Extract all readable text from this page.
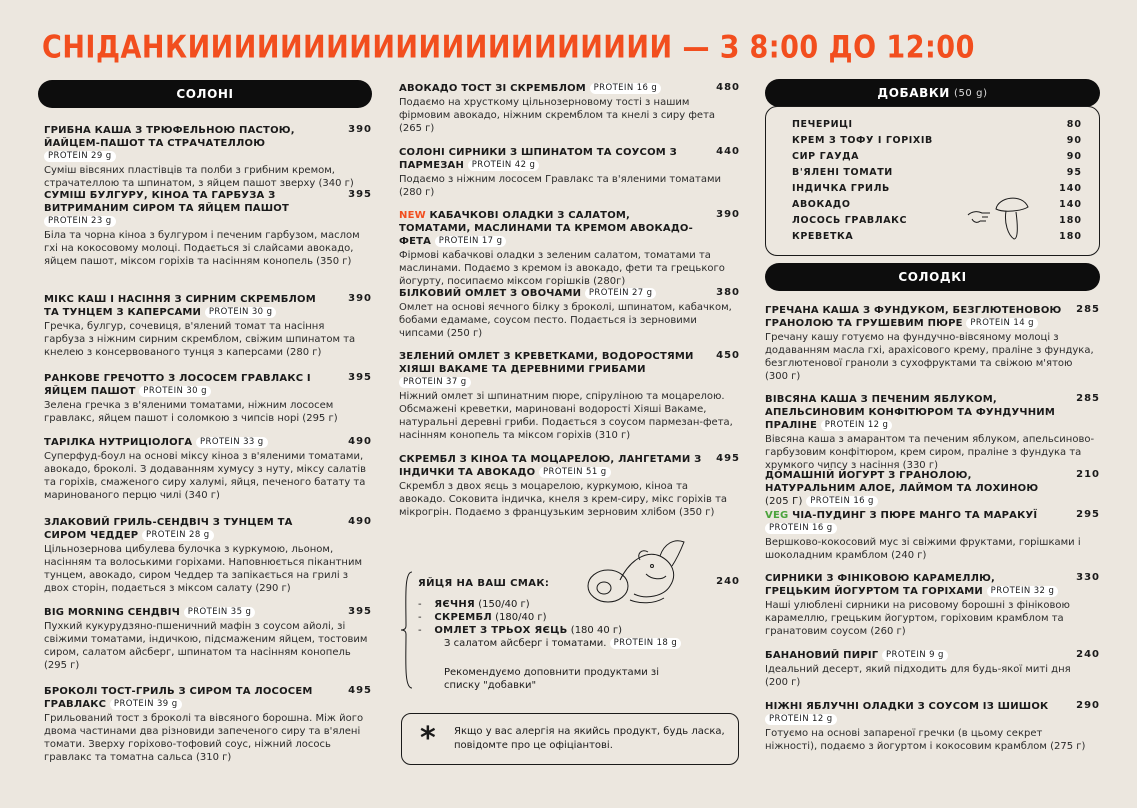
СНІДАНКИИИИИИИИИИИИИИИИИИИИИ — З 8:00 ДО 12:00
СОЛОНІ
ГРИБНА КАША З ТРЮФЕЛЬНОЮ ПАСТОЮ, ЙАЙЦЕМ-ПАШОТ ТА СТРАЧАТЕЛЛОЮ PROTEIN 29 g
390
Суміш вівсяних пластівців та полби з грибним кремом, страчателлою та шпинатом, з яйцем пашот зверху (340 г)
СУМІШ БУЛГУРУ, КІНОА ТА ГАРБУЗА З ВИТРИМАНИМ СИРОМ ТА ЯЙЦЕМ ПАШОТ PROTEIN 23 g
395
Біла та чорна кіноа з булгуром і печеним гарбузом, маслом гхі на кокосовому молоці. Подається зі слайсами авокадо, яйцем пашот, міксом горіхів та насінням конопель (350 г)
МІКС КАШ І НАСІННЯ З СИРНИМ СКРЕМБЛОМ ТА ТУНЦЕМ З КАПЕРСАМИ PROTEIN 30 g
390
Гречка, булгур, сочевиця, в'ялений томат та насіння гарбуза з ніжним сирним скремблом, свіжим шпинатом та кнелею з консервованого тунця з каперсами (280 г)
РАНКОВЕ ГРЕЧОТТО З ЛОСОСЕМ ГРАВЛАКС І ЯЙЦЕМ ПАШОТ PROTEIN 30 g
395
Зелена гречка з в'яленими томатами, ніжним лососем гравлакс, яйцем пашот і соломкою з чипсів норі (295 г)
ТАРІЛКА НУТРИЦІОЛОГА PROTEIN 33 g	490
Суперфуд-боул на основі міксу кіноа з в'яленими томатами, авокадо, броколі. З додаванням хумусу з нуту, міксу салатів та горіхів, смаженого сиру халумі, яйця, печеного батату та маринованого перцю чилі (340 г)
ЗЛАКОВИЙ ГРИЛЬ-СЕНДВІЧ З ТУНЦЕМ ТА СИРОМ ЧЕДДЕР PROTEIN 28 g
490
Цільнозернова цибулева булочка з куркумою, льоном, насінням та волоськими горіхами. Наповнюється пікантним тунцем, авокадо, сиром Чеддер та запікається на грилі з двох сторін, подається з міксом салату (290 г)
BIG MORNING СЕНДВІЧ PROTEIN 35 g	395
Пухкий кукурудзяно-пшеничний мафін з соусом айолі, зі свіжими томатами, індичкою, підсмаженим яйцем, тостовим сиром, салатом айсберг, шпинатом та насінням конопель (295 г)
БРОКОЛІ ТОСТ-ГРИЛЬ З СИРОМ ТА ЛОСОСЕМ ГРАВЛАКС PROTEIN 39 g
495
Грильований тост з броколі та вівсяного борошна. Між його двома частинами два різновиди запеченого сиру та в'ялені томати. Зверху горіхово-тофовий соус, ніжний лосось гравлакс та томатна сальса (310 г)
АВОКАДО ТОСТ ЗІ СКРЕМБЛОМ PROTEIN 16 g	480
Подаємо на хрусткому цільнозерновому тості з нашим фірмовим авокадо, ніжним скремблом та кнелі з сиру фета (265 г)
СОЛОНІ СИРНИКИ З ШПИНАТОМ ТА СОУСОМ З ПАРМЕЗАН PROTEIN 42 g
440
Подаємо з ніжним лососем Гравлакс та в'яленими томатами (280 г)
NEW КАБАЧКОВІ ОЛАДКИ З САЛАТОМ, ТОМАТАМИ, МАСЛИНАМИ ТА КРЕМОМ АВОКАДО-ФЕТА PROTEIN 17 g
390
Фірмові кабачкові оладки з зеленим салатом, томатами та маслинами. Подаємо з кремом із авокадо, фети та грецького йогурту, посипаємо міксом горішків (280г)
БІЛКОВИЙ ОМЛЕТ З ОВОЧАМИ PROTEIN 27 g	380
Омлет на основі яєчного білку з броколі, шпинатом, кабачком, бобами едамаме, соусом песто. Подається із зерновими чипсами (250 г)
ЗЕЛЕНИЙ ОМЛЕТ З КРЕВЕТКАМИ, ВОДОРОСТЯМИ ХІЯШІ ВАКАМЕ ТА ДЕРЕВНИМИ ГРИБАМИ PROTEIN 37 g
450
Ніжний омлет зі шпинатним пюре, спіруліною та моцарелою. Обсмажені креветки, мариновані водорості Хіяші Вакаме, натуральні деревні гриби. Подається з соусом пармезан-фета, насінням конопель та міксом горіхів (310 г)
СКРЕМБЛ З КІНОА ТА МОЦАРЕЛОЮ, ЛАНГЕТАМИ З ІНДИЧКИ ТА АВОКАДО PROTEIN 51 g
495
Скрембл з двох яєць з моцарелою, куркумою, кіноа та авокадо. Соковита індичка, кнеля з крем-сиру, мікс горіхів та мікрогрін. Подаємо з французьким зерновим хлібом (350 г)
ЯЙЦЯ НА ВАШ СМАК:	240
- ЯЄЧНЯ (150/40 г)
- СКРЕМБЛ (180/40 г)
- ОМЛЕТ З ТРЬОХ ЯЄЦЬ (180 40 г)
З салатом айсберг і томатами. PROTEIN 18 g
Рекомендуємо доповнити продуктами зі списку "добавки"
* Якщо у вас алергія на якийсь продукт, будь ласка, повідомте про це офіціантові.
ДОБАВКИ (50 g)
ПЕЧЕРИЦІ	80
КРЕМ З ТОФУ І ГОРІХІВ	90
СИР ГАУДА	90
В'ЯЛЕНІ ТОМАТИ	95
ІНДИЧКА ГРИЛЬ	140
АВОКАДО	140
ЛОСОСЬ ГРАВЛАКС	180
КРЕВЕТКА	180
СОЛОДКІ
ГРЕЧАНА КАША З ФУНДУКОМ, БЕЗГЛЮТЕНОВОЮ ГРАНОЛОЮ ТА ГРУШЕВИМ ПЮРЕ PROTEIN 14 g
285
Гречану кашу готуємо на фундучно-вівсяному молоці з додаванням масла гхі, арахісового крему, праліне з фундука, безглютенової граноли з сухофруктами та свіжою м'ятою (300 г)
ВІВСЯНА КАША З ПЕЧЕНИМ ЯБЛУКОМ, АПЕЛЬСИНОВИМ КОНФІТЮРОМ ТА ФУНДУЧНИМ ПРАЛІНЕ PROTEIN 12 g
285
Вівсяна каша з амарантом та печеним яблуком, апельсиново-гарбузовим конфітюром, крем сиром, праліне з фундука та хрумкого чипсу з насіння (330 г)
ДОМАШНІЙ ЙОГУРТ З ГРАНОЛОЮ, НАТУРАЛЬНИМ АЛОЕ, ЛАЙМОМ ТА ЛОХИНОЮ (205 Г) PROTEIN 16 g
210
VEG ЧІА-ПУДИНГ З ПЮРЕ МАНГО ТА МАРАКУЇ PROTEIN 16 g
295
Вершково-кокосовий мус зі свіжими фруктами, горішками і шоколадним крамблом (240 г)
СИРНИКИ З ФІНІКОВОЮ КАРАМЕЛЛЮ, ГРЕЦЬКИМ ЙОГУРТОМ ТА ГОРІХАМИ PROTEIN 32 g
330
Наші улюблені сирники на рисовому борошні з фініковою карамеллю, грецьким йогуртом, горіховим крамблом та гранатовим соусом (260 г)
БАНАНОВИЙ ПИРІГ PROTEIN 9 g	240
Ідеальний десерт, який підходить для будь-якої миті дня (200 г)
НІЖНІ ЯБЛУЧНІ ОЛАДКИ З СОУСОМ ІЗ ШИШОК PROTEIN 12 g
290
Готуємо на основі запареної гречки (в цьому секрет ніжності), подаємо з йогуртом і кокосовим крамблом (275 г)
